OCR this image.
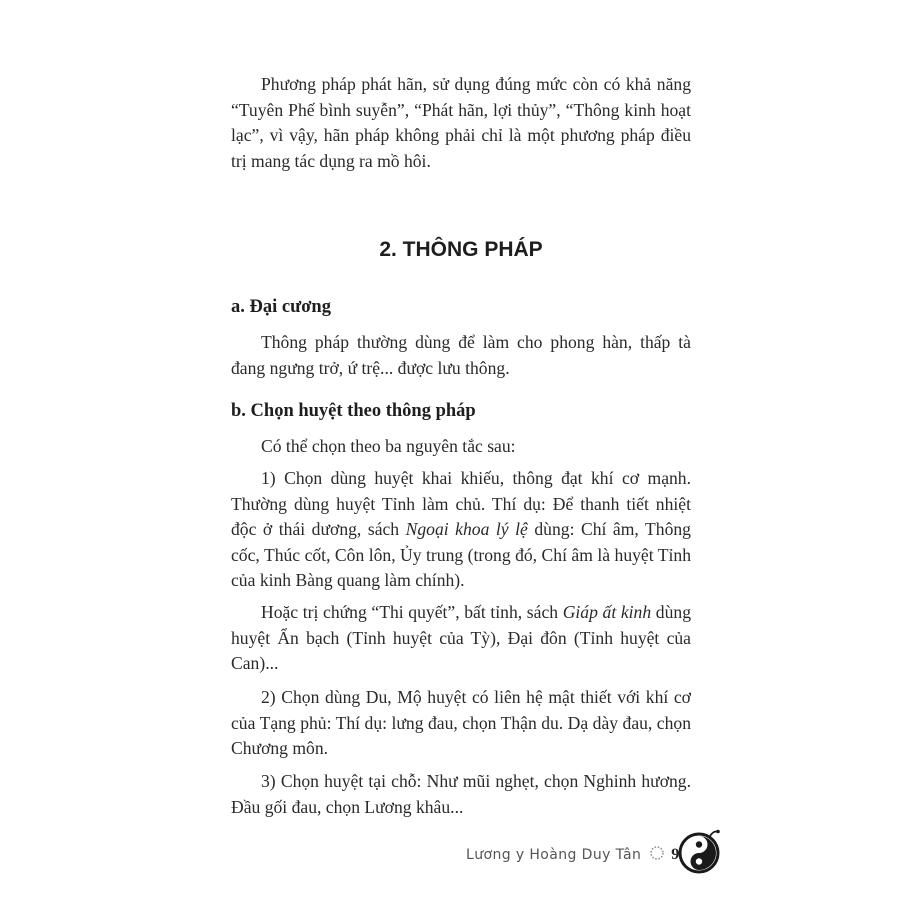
Phương pháp phát hãn, sử dụng đúng mức còn có khả năng
“Tuyên Phế bình suyễn”, “Phát hãn, lợi thủy”, “Thông kinh hoạt
lạc”, vì vậy, hãn pháp không phải chỉ là một phương pháp điều
trị mang tác dụng ra mồ hôi.
2. THÔNG PHÁP
a. Đại cương
Thông pháp thường dùng để làm cho phong hàn, thấp tà
đang ngưng trở, ứ trệ... được lưu thông.
b. Chọn huyệt theo thông pháp
Có thể chọn theo ba nguyên tắc sau:
1) Chọn dùng huyệt khai khiếu, thông đạt khí cơ mạnh.
Thường dùng huyệt Tỉnh làm chủ. Thí dụ: Để thanh tiết nhiệt
độc ở thái dương, sách Ngoại khoa lý lệ dùng: Chí âm, Thông
cốc, Thúc cốt, Côn lôn, Ủy trung (trong đó, Chí âm là huyệt Tỉnh
của kinh Bàng quang làm chính).
Hoặc trị chứng “Thi quyết”, bất tỉnh, sách Giáp ất kinh dùng
huyệt Ẩn bạch (Tỉnh huyệt của Tỳ), Đại đôn (Tỉnh huyệt của
Can)...
2) Chọn dùng Du, Mộ huyệt có liên hệ mật thiết với khí cơ
của Tạng phủ: Thí dụ: lưng đau, chọn Thận du. Dạ dày đau, chọn
Chương môn.
3) Chọn huyệt tại chỗ: Như mũi nghẹt, chọn Nghinh hương.
Đầu gối đau, chọn Lương khâu...
Lương y Hoàng Duy Tân 9
